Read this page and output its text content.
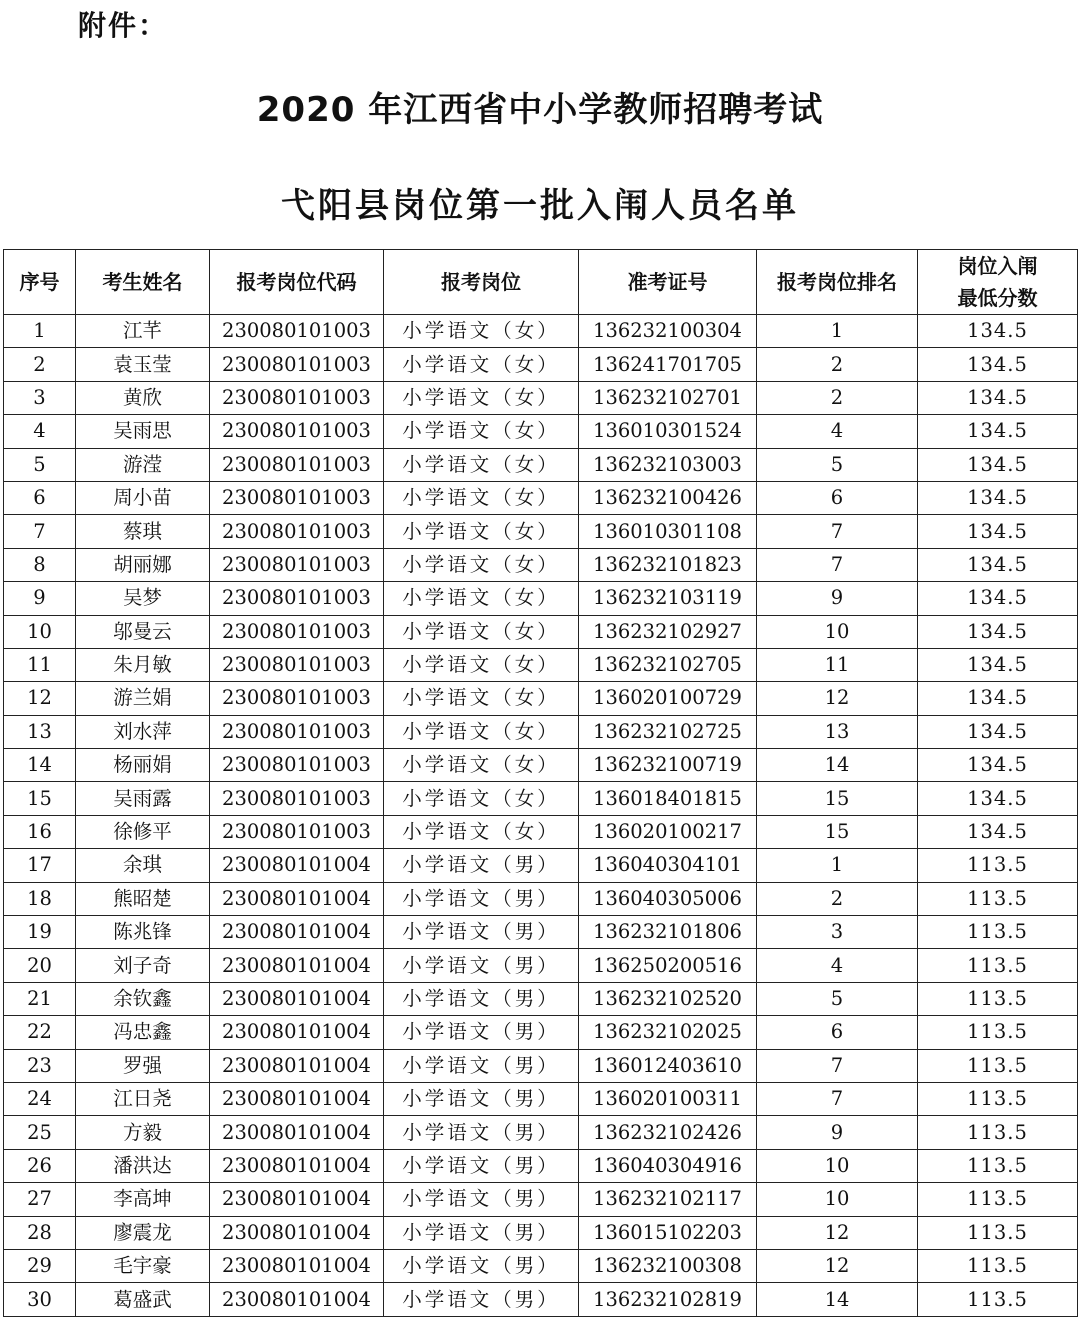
附件：
2020 年江西省中小学教师招聘考试
弋阳县岗位第一批入闱人员名单
序号	考生姓名	报考岗位代码	报考岗位	准考证号	报考岗位排名	岗位入闱
最低分数

1	江芊	230080101003	小学语文（女）	136232100304	1	134.5
2	袁玉莹	230080101003	小学语文（女）	136241701705	2	134.5
3	黄欣	230080101003	小学语文（女）	136232102701	2	134.5
4	吴雨思	230080101003	小学语文（女）	136010301524	4	134.5
5	游滢	230080101003	小学语文（女）	136232103003	5	134.5
6	周小苗	230080101003	小学语文（女）	136232100426	6	134.5
7	蔡琪	230080101003	小学语文（女）	136010301108	7	134.5
8	胡丽娜	230080101003	小学语文（女）	136232101823	7	134.5
9	吴梦	230080101003	小学语文（女）	136232103119	9	134.5
10	邬曼云	230080101003	小学语文（女）	136232102927	10	134.5
11	朱月敏	230080101003	小学语文（女）	136232102705	11	134.5
12	游兰娟	230080101003	小学语文（女）	136020100729	12	134.5
13	刘水萍	230080101003	小学语文（女）	136232102725	13	134.5
14	杨丽娟	230080101003	小学语文（女）	136232100719	14	134.5
15	吴雨露	230080101003	小学语文（女）	136018401815	15	134.5
16	徐修平	230080101003	小学语文（女）	136020100217	15	134.5
17	余琪	230080101004	小学语文（男）	136040304101	1	113.5
18	熊昭楚	230080101004	小学语文（男）	136040305006	2	113.5
19	陈兆锋	230080101004	小学语文（男）	136232101806	3	113.5
20	刘子奇	230080101004	小学语文（男）	136250200516	4	113.5
21	余钦鑫	230080101004	小学语文（男）	136232102520	5	113.5
22	冯忠鑫	230080101004	小学语文（男）	136232102025	6	113.5
23	罗强	230080101004	小学语文（男）	136012403610	7	113.5
24	江日尧	230080101004	小学语文（男）	136020100311	7	113.5
25	方毅	230080101004	小学语文（男）	136232102426	9	113.5
26	潘洪达	230080101004	小学语文（男）	136040304916	10	113.5
27	李高坤	230080101004	小学语文（男）	136232102117	10	113.5
28	廖震龙	230080101004	小学语文（男）	136015102203	12	113.5
29	毛宇豪	230080101004	小学语文（男）	136232100308	12	113.5
30	葛盛武	230080101004	小学语文（男）	136232102819	14	113.5
